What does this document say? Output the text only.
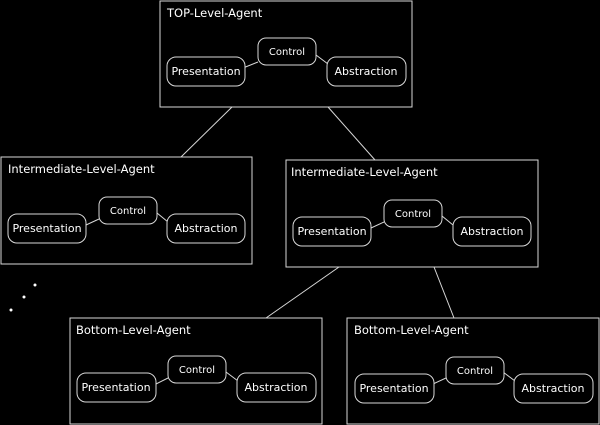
TOP-Level-Agent
Control
Presentation	Abstraction
Intermediate-Level-Agent
Control
Presentation	Abstraction
Intermediate-Level-Agent
Control
Presentation	Abstraction
Bottom-Level-Agent
Control
Presentation	Abstraction
Bottom-Level-Agent
Control
Presentation	Abstraction
